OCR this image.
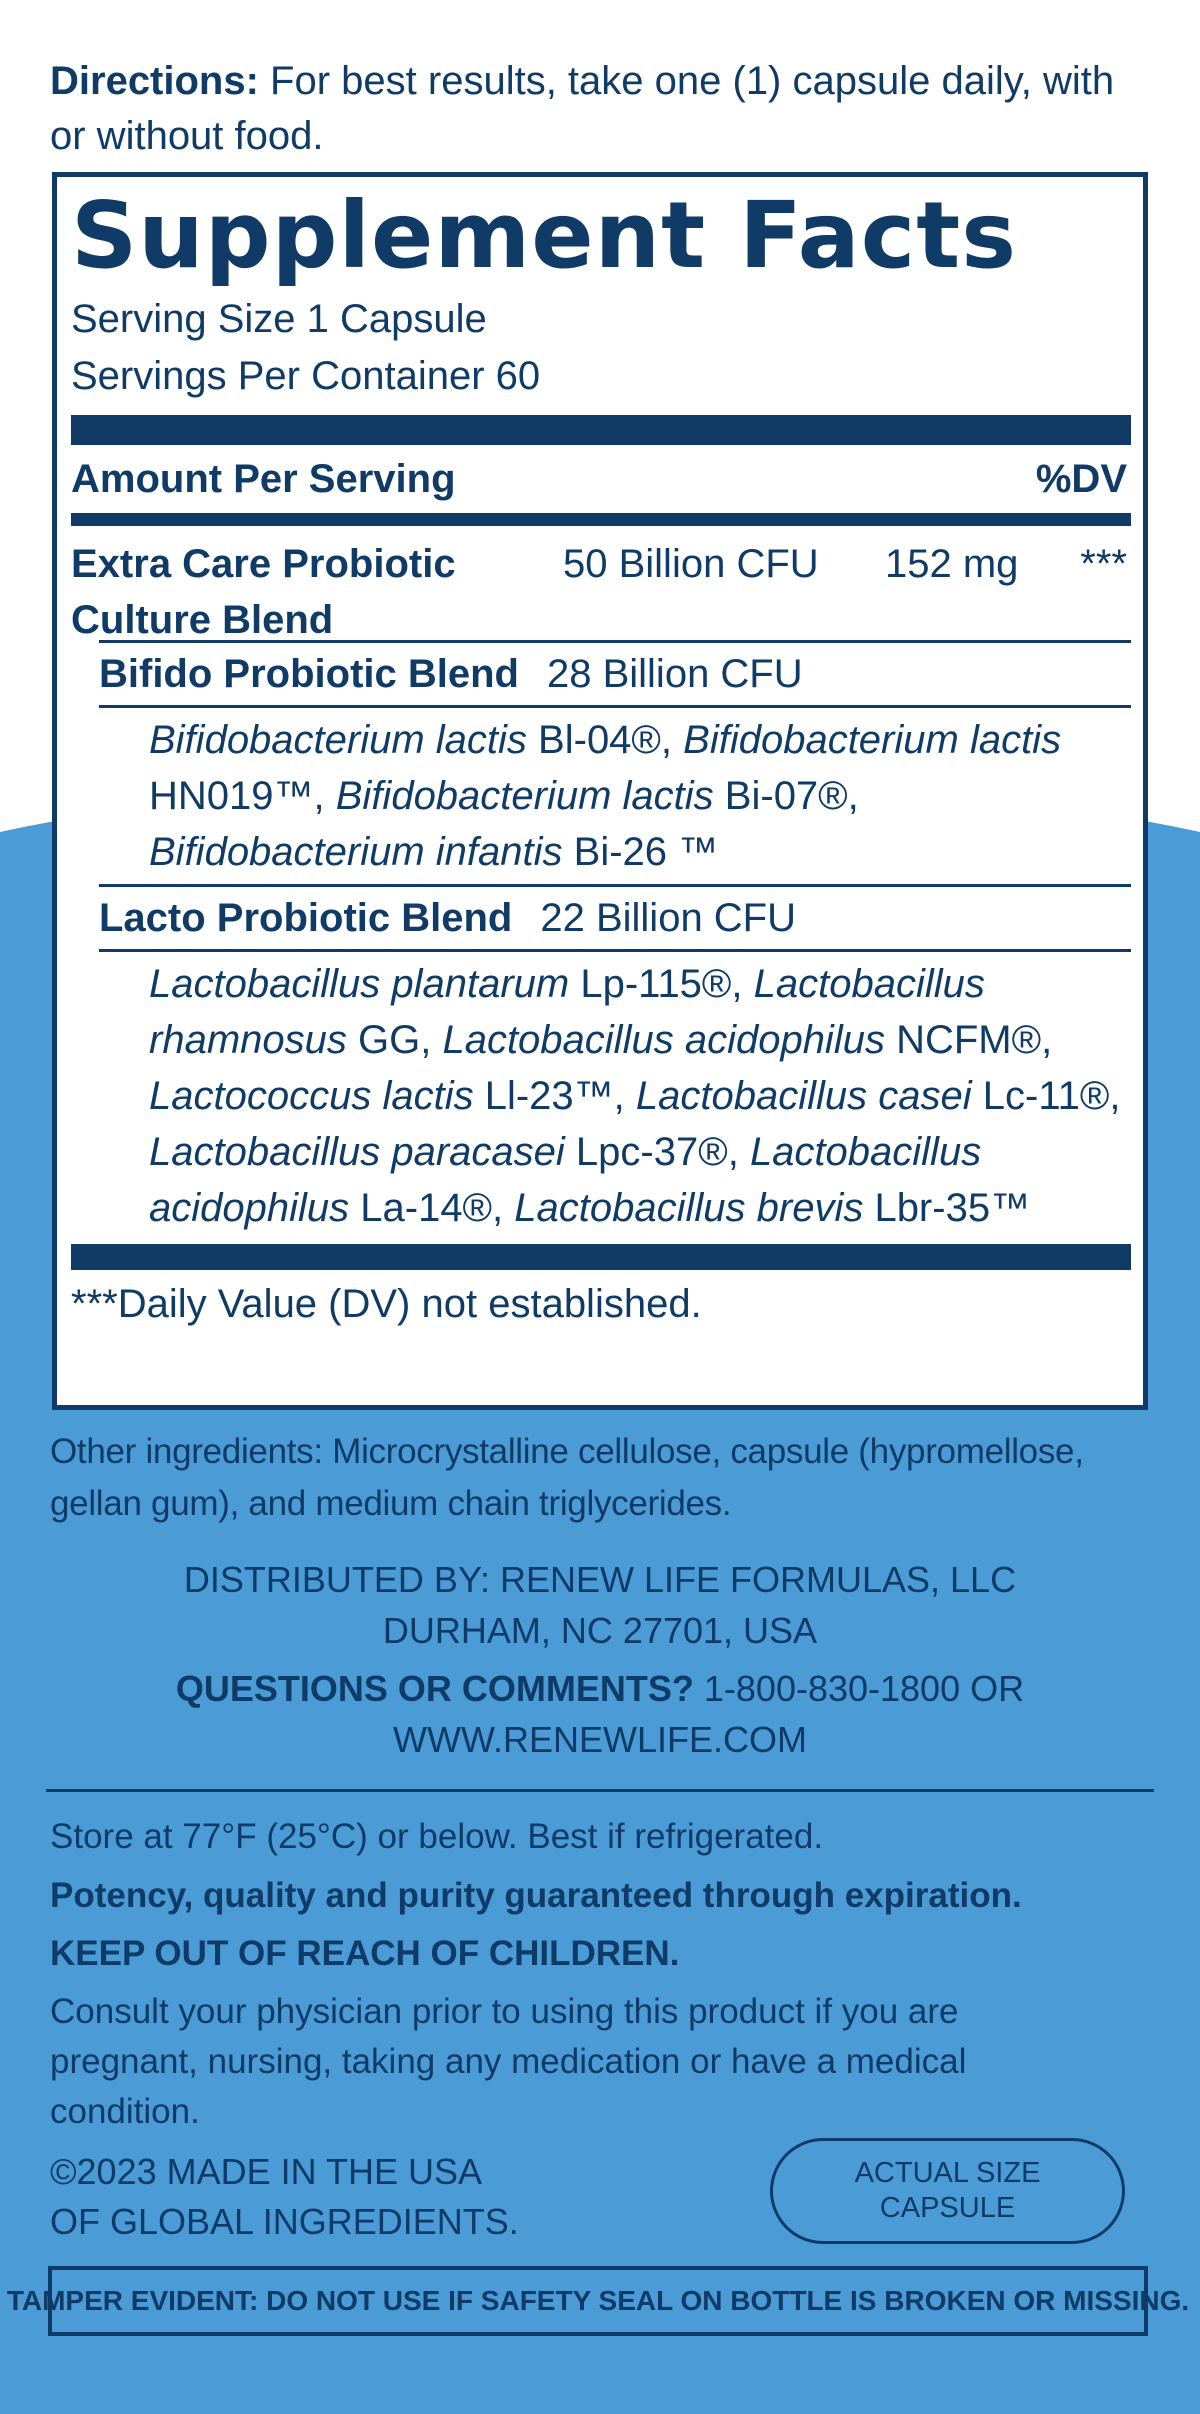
Directions: For best results, take one (1) capsule daily, with or without food.
Supplement Facts
Serving Size 1 Capsule
Servings Per Container 60
Amount Per Serving	%DV
Extra Care Probiotic Culture Blend
50 Billion CFU 152 mg ***
Bifido Probiotic Blend 28 Billion CFU
Bifidobacterium lactis Bl-04®, Bifidobacterium lactis HN019™, Bifidobacterium lactis Bi-07®, Bifidobacterium infantis Bi-26 ™
Lacto Probiotic Blend 22 Billion CFU
Lactobacillus plantarum Lp-115®, Lactobacillus rhamnosus GG, Lactobacillus acidophilus NCFM®, Lactococcus lactis Ll-23™, Lactobacillus casei Lc-11®, Lactobacillus paracasei Lpc-37®, Lactobacillus acidophilus La-14®, Lactobacillus brevis Lbr-35™
***Daily Value (DV) not established.
Other ingredients: Microcrystalline cellulose, capsule (hypromellose, gellan gum), and medium chain triglycerides.
DISTRIBUTED BY: RENEW LIFE FORMULAS, LLC
DURHAM, NC 27701, USA
QUESTIONS OR COMMENTS? 1-800-830-1800 OR
WWW.RENEWLIFE.COM
Store at 77°F (25°C) or below. Best if refrigerated.
Potency, quality and purity guaranteed through expiration.
KEEP OUT OF REACH OF CHILDREN.
Consult your physician prior to using this product if you are pregnant, nursing, taking any medication or have a medical condition.
©2023 MADE IN THE USA
OF GLOBAL INGREDIENTS.
ACTUAL SIZE
CAPSULE
TAMPER EVIDENT: DO NOT USE IF SAFETY SEAL ON BOTTLE IS BROKEN OR MISSING.
